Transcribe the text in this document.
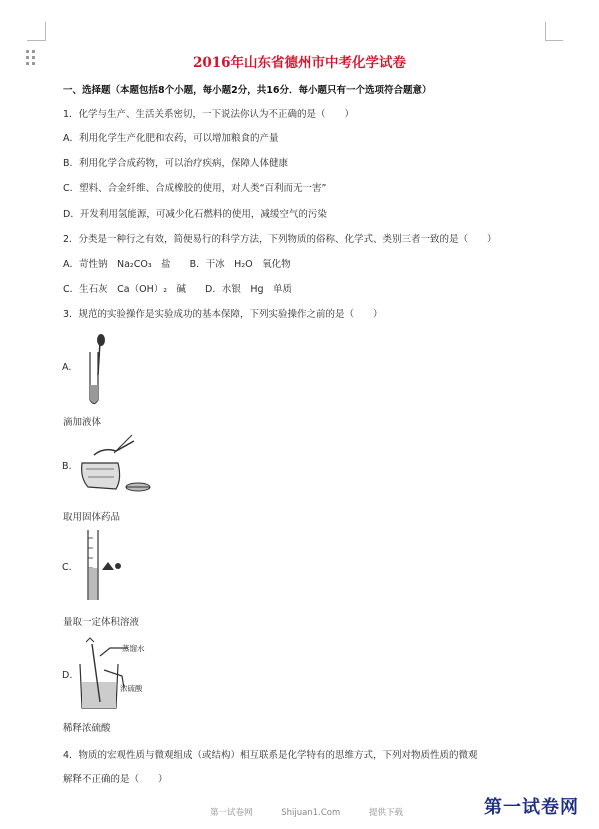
2016年山东省德州市中考化学试卷
一、选择题（本题包括8个小题，每小题2分，共16分．每小题只有一个选项符合题意）
1．化学与生产、生活关系密切，一下说法你认为不正确的是（　　）
A．利用化学生产化肥和农药，可以增加粮食的产量
B．利用化学合成药物，可以治疗疾病，保障人体健康
C．塑料、合金纤维、合成橡胶的使用，对人类“百利而无一害”
D．开发利用氢能源，可减少化石燃料的使用，减缓空气的污染
2．分类是一种行之有效，简便易行的科学方法，下列物质的俗称、化学式、类别三者一致的是（　　）
A．苛性钠　Na₂CO₃　盐　　B．干冰　H₂O　氧化物
C．生石灰　Ca（OH）₂　碱　　D．水银　Hg　单质
3．规范的实验操作是实验成功的基本保障，下列实验操作之前的是（　　）
A.
滴加液体
B.
取用固体药品
C.
量取一定体积溶液
D.
蒸馏水
浓硫酸
稀释浓硫酸
4．物质的宏观性质与微观组成（或结构）相互联系是化学特有的思维方式，下列对物质性质的微观
解释不正确的是（　　）
第一试卷网	Shijuan1.Com	提供下载	第一试卷网
